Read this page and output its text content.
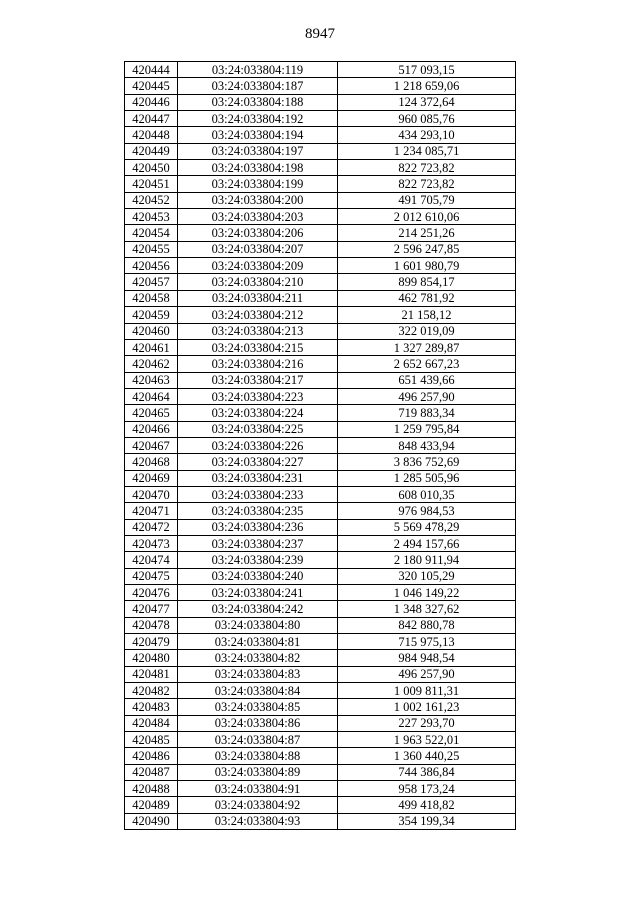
8947
420444	03:24:033804:119	517 093,15
420445	03:24:033804:187	1 218 659,06
420446	03:24:033804:188	124 372,64
420447	03:24:033804:192	960 085,76
420448	03:24:033804:194	434 293,10
420449	03:24:033804:197	1 234 085,71
420450	03:24:033804:198	822 723,82
420451	03:24:033804:199	822 723,82
420452	03:24:033804:200	491 705,79
420453	03:24:033804:203	2 012 610,06
420454	03:24:033804:206	214 251,26
420455	03:24:033804:207	2 596 247,85
420456	03:24:033804:209	1 601 980,79
420457	03:24:033804:210	899 854,17
420458	03:24:033804:211	462 781,92
420459	03:24:033804:212	21 158,12
420460	03:24:033804:213	322 019,09
420461	03:24:033804:215	1 327 289,87
420462	03:24:033804:216	2 652 667,23
420463	03:24:033804:217	651 439,66
420464	03:24:033804:223	496 257,90
420465	03:24:033804:224	719 883,34
420466	03:24:033804:225	1 259 795,84
420467	03:24:033804:226	848 433,94
420468	03:24:033804:227	3 836 752,69
420469	03:24:033804:231	1 285 505,96
420470	03:24:033804:233	608 010,35
420471	03:24:033804:235	976 984,53
420472	03:24:033804:236	5 569 478,29
420473	03:24:033804:237	2 494 157,66
420474	03:24:033804:239	2 180 911,94
420475	03:24:033804:240	320 105,29
420476	03:24:033804:241	1 046 149,22
420477	03:24:033804:242	1 348 327,62
420478	03:24:033804:80	842 880,78
420479	03:24:033804:81	715 975,13
420480	03:24:033804:82	984 948,54
420481	03:24:033804:83	496 257,90
420482	03:24:033804:84	1 009 811,31
420483	03:24:033804:85	1 002 161,23
420484	03:24:033804:86	227 293,70
420485	03:24:033804:87	1 963 522,01
420486	03:24:033804:88	1 360 440,25
420487	03:24:033804:89	744 386,84
420488	03:24:033804:91	958 173,24
420489	03:24:033804:92	499 418,82
420490	03:24:033804:93	354 199,34
